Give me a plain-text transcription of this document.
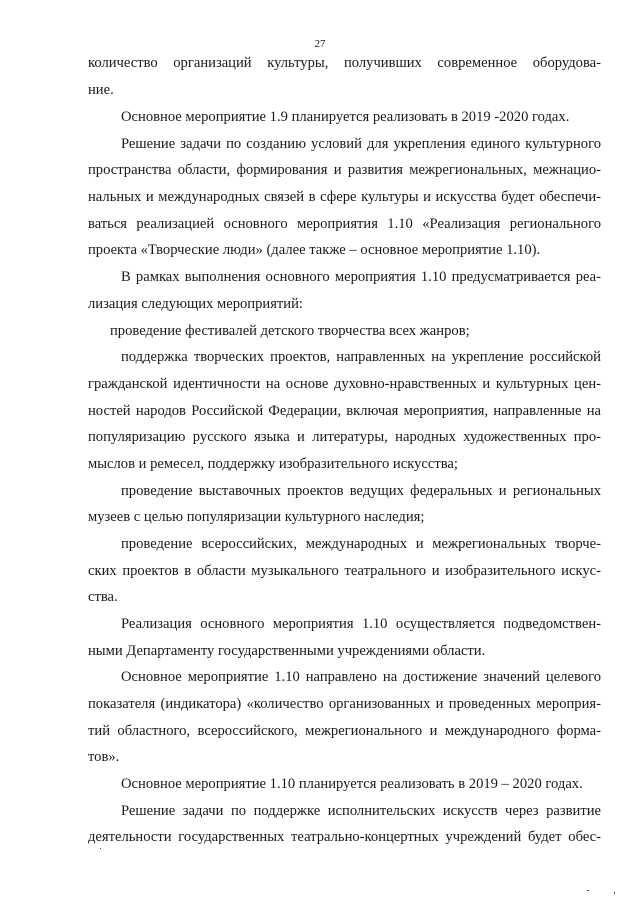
27
количество организаций культуры, получивших современное оборудова-
ние.
Основное мероприятие 1.9 планируется реализовать в 2019 -2020 годах.
Решение задачи по созданию условий для укрепления единого культурного
пространства области, формирования и развития межрегиональных, межнацио-
нальных и международных связей в сфере культуры и искусства будет обеспечи-
ваться реализацией основного мероприятия 1.10 «Реализация регионального
проекта «Творческие люди» (далее также – основное мероприятие 1.10).
В рамках выполнения основного мероприятия 1.10 предусматривается реа-
лизация следующих мероприятий:
проведение фестивалей детского творчества всех жанров;
поддержка творческих проектов, направленных на укрепление российской
гражданской идентичности на основе духовно-нравственных и культурных цен-
ностей народов Российской Федерации, включая мероприятия, направленные на
популяризацию русского языка и литературы, народных художественных про-
мыслов и ремесел, поддержку изобразительного искусства;
проведение выставочных проектов ведущих федеральных и региональных
музеев с целью популяризации культурного наследия;
проведение всероссийских, международных и межрегиональных творче-
ских проектов в области музыкального театрального и изобразительного искус-
ства.
Реализация основного мероприятия 1.10 осуществляется подведомствен-
ными Департаменту государственными учреждениями области.
Основное мероприятие 1.10 направлено на достижение значений целевого
показателя (индикатора) «количество организованных и проведенных мероприя-
тий областного, всероссийского, межрегионального и международного форма-
тов».
Основное мероприятие 1.10 планируется реализовать в 2019 – 2020 годах.
Решение задачи по поддержке исполнительских искусств через развитие
деятельности государственных театрально-концертных учреждений будет обес-
